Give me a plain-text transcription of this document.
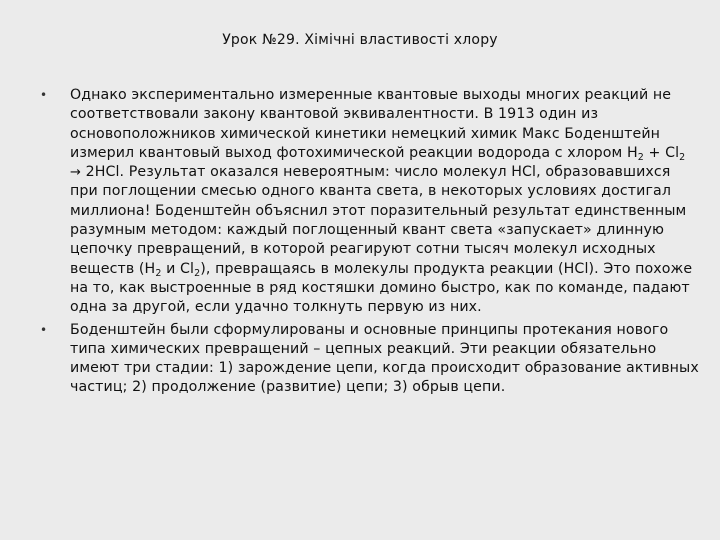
Урок №29. Хімічні властивості хлору
•	Однако экспериментально измеренные квантовые выходы многих реакций не соответствовали закону квантовой эквивалентности. В 1913 один из основоположников химической кинетики немецкий химик Макс Боденштейн измерил квантовый выход фотохимической реакции водорода с хлором $H_2 + Cl_2 \to 2HCl$. Результат оказался невероятным: число молекул HCl, образовавшихся при поглощении смесью одного кванта света, в некоторых условиях достигал миллиона! Боденштейн объяснил этот поразительный результат единственным разумным методом: каждый поглощенный квант света «запускает» длинную цепочку превращений, в которой реагируют сотни тысяч молекул исходных веществ ($H_2$ и $Cl_2$), превращаясь в молекулы продукта реакции (HCl). Это похоже на то, как выстроенные в ряд костяшки домино быстро, как по команде, падают одна за другой, если удачно толкнуть первую из них.
•	Боденштейн были сформулированы и основные принципы протекания нового типа химических превращений – цепных реакций. Эти реакции обязательно имеют три стадии: 1) зарождение цепи, когда происходит образование активных частиц; 2) продолжение (развитие) цепи; 3) обрыв цепи.
